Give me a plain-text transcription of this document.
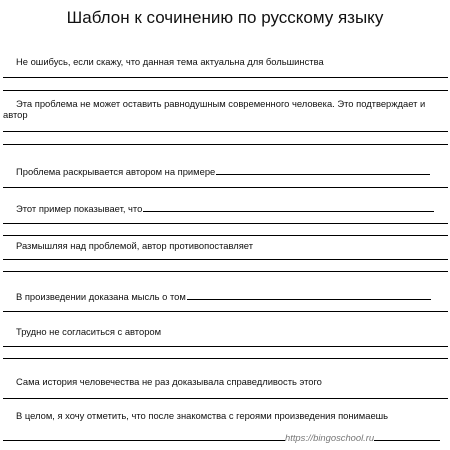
Шаблон к сочинению по русскому языку
Не ошибусь, если скажу, что данная тема актуальна для большинства
Эта проблема не может оставить равнодушным современного человека. Это подтверждает и автор
Проблема раскрывается автором на примере
Этот пример показывает, что
Размышляя над проблемой, автор противопоставляет
В произведении доказана мысль о том
Трудно не согласиться с автором
Сама история человечества не раз доказывала справедливость этого
В целом, я хочу отметить, что после знакомства с героями произведения понимаешь
https://bingoschool.ru
